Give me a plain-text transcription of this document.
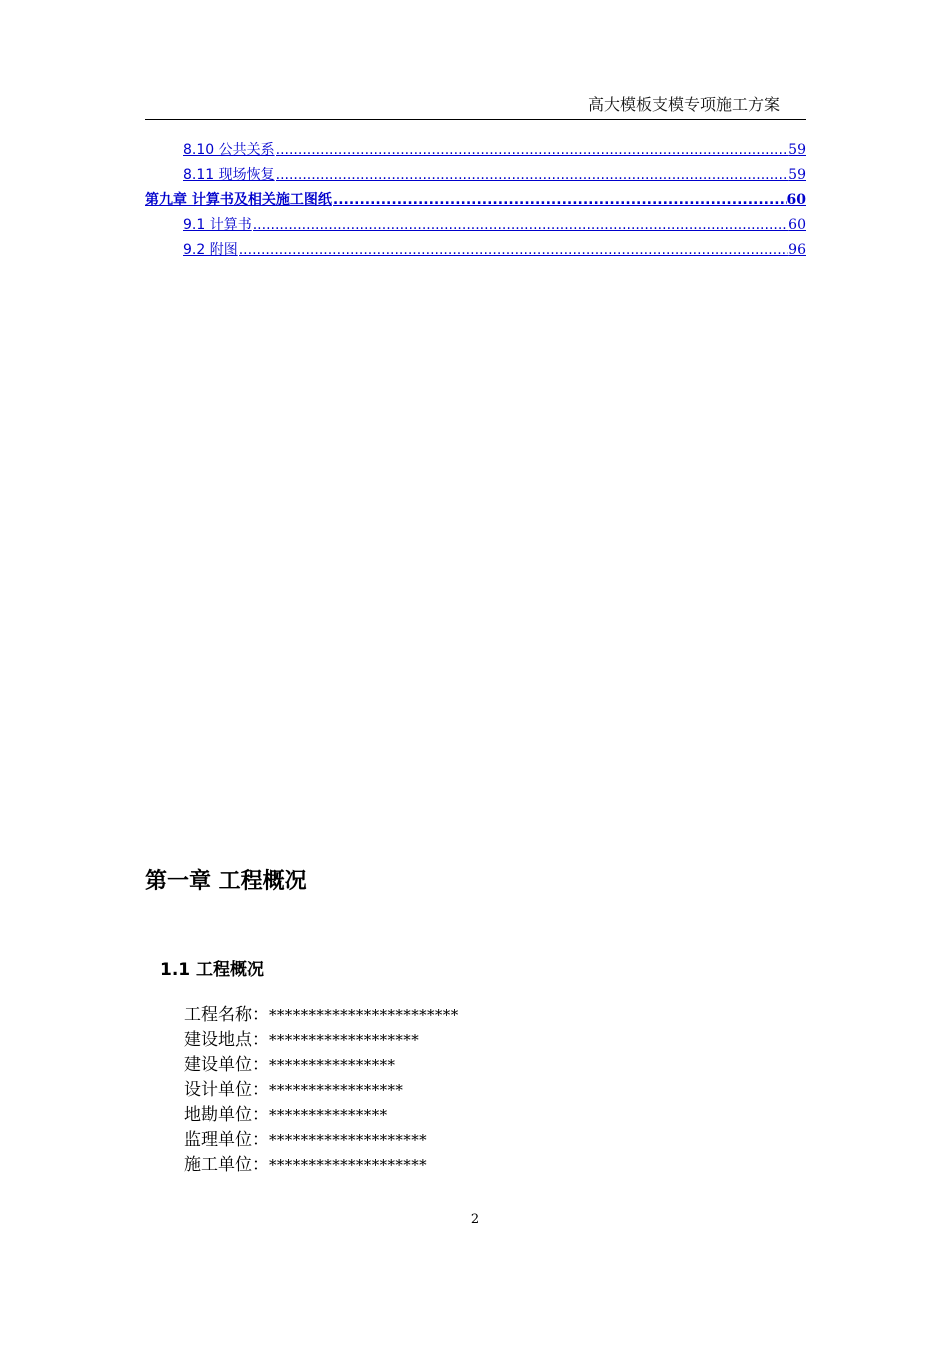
高大模板支模专项施工方案
8.10 公共关系 .....	59
8.11 现场恢复 .....	59
第九章 计算书及相关施工图纸 .....	60
9.1 计算书 .....	60
9.2 附图 .....	96
第一章 工程概况
1.1 工程概况
工程名称：************************
建设地点：*******************
建设单位：****************
设计单位：*****************
地勘单位：***************
监理单位：********************
施工单位：********************
2
